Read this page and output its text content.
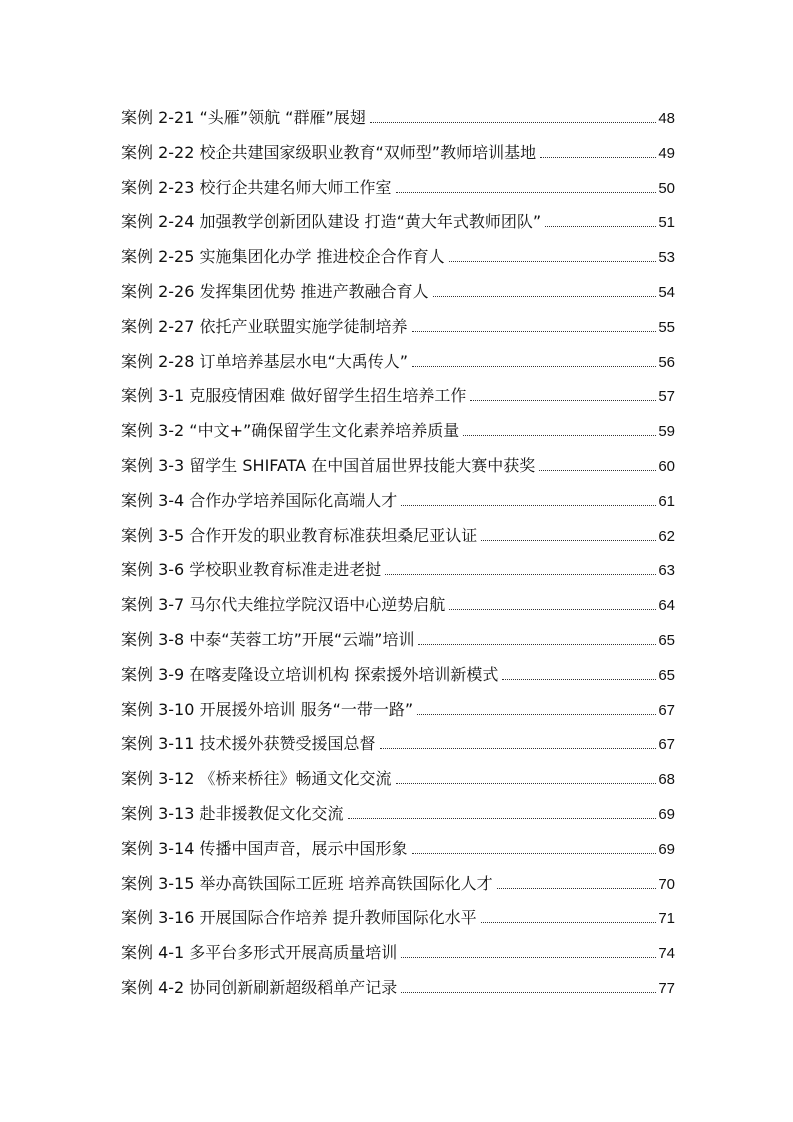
案例 2-21 “头雁”领航 “群雁”展翅	48
案例 2-22 校企共建国家级职业教育“双师型”教师培训基地	49
案例 2-23 校行企共建名师大师工作室	50
案例 2-24 加强教学创新团队建设 打造“黄大年式教师团队”	51
案例 2-25 实施集团化办学 推进校企合作育人	53
案例 2-26 发挥集团优势 推进产教融合育人	54
案例 2-27 依托产业联盟实施学徒制培养	55
案例 2-28 订单培养基层水电“大禹传人”	56
案例 3-1 克服疫情困难 做好留学生招生培养工作	57
案例 3-2 “中文+”确保留学生文化素养培养质量	59
案例 3-3 留学生 SHIFATA 在中国首届世界技能大赛中获奖	60
案例 3-4 合作办学培养国际化高端人才	61
案例 3-5 合作开发的职业教育标准获坦桑尼亚认证	62
案例 3-6 学校职业教育标准走进老挝	63
案例 3-7 马尔代夫维拉学院汉语中心逆势启航	64
案例 3-8 中泰“芙蓉工坊”开展“云端”培训	65
案例 3-9 在喀麦隆设立培训机构 探索援外培训新模式	65
案例 3-10 开展援外培训 服务“一带一路”	67
案例 3-11 技术援外获赞受援国总督	67
案例 3-12 《桥来桥往》畅通文化交流	68
案例 3-13 赴非援教促文化交流	69
案例 3-14 传播中国声音，展示中国形象	69
案例 3-15 举办高铁国际工匠班 培养高铁国际化人才	70
案例 3-16 开展国际合作培养 提升教师国际化水平	71
案例 4-1 多平台多形式开展高质量培训	74
案例 4-2 协同创新刷新超级稻单产记录	77
